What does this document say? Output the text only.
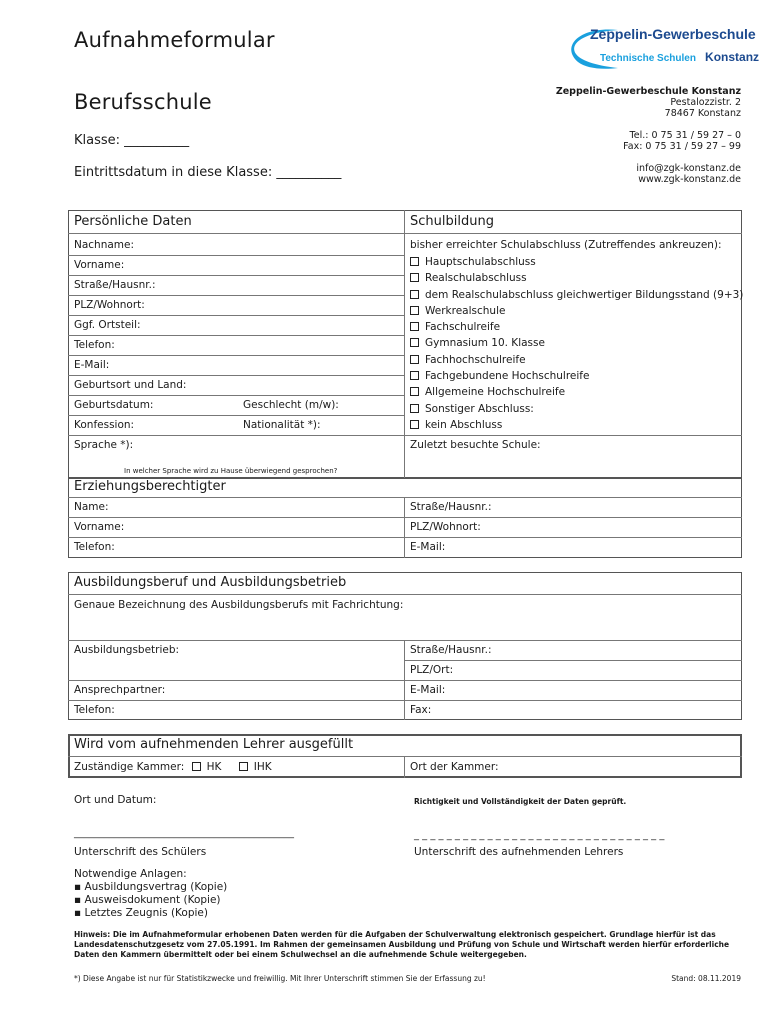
Aufnahmeformular
Berufsschule
Klasse: __________
Eintrittsdatum in diese Klasse: __________
Zeppelin-Gewerbeschule
Technische Schulen Konstanz
Zeppelin-Gewerbeschule Konstanz
Pestalozzistr. 2
78467 Konstanz
Tel.: 0 75 31 / 59 27 – 0
Fax: 0 75 31 / 59 27 – 99
info@zgk-konstanz.de
www.zgk-konstanz.de
Persönliche Daten	Schulbildung
Nachname:
Vorname:
Straße/Hausnr.:
PLZ/Wohnort:
Ggf. Ortsteil:
Telefon:
E-Mail:
Geburtsort und Land:
Geburtsdatum:	Geschlecht (m/w):
Konfession:	Nationalität *):
Sprache *):
In welcher Sprache wird zu Hause überwiegend gesprochen?
bisher erreichter Schulabschluss (Zutreffendes ankreuzen):
Hauptschulabschluss
Realschulabschluss
dem Realschulabschluss gleichwertiger Bildungsstand (9+3)
Werkrealschule
Fachschulreife
Gymnasium 10. Klasse
Fachhochschulreife
Fachgebundene Hochschulreife
Allgemeine Hochschulreife
Sonstiger Abschluss:
kein Abschluss
Zuletzt besuchte Schule:
Erziehungsberechtigter
Name:	Straße/Hausnr.:
Vorname:	PLZ/Wohnort:
Telefon:	E-Mail:
Ausbildungsberuf und Ausbildungsbetrieb
Genaue Bezeichnung des Ausbildungsberufs mit Fachrichtung:
Ausbildungsbetrieb:	Straße/Hausnr.:
PLZ/Ort:
Ansprechpartner:	E-Mail:
Telefon:	Fax:
Wird vom aufnehmenden Lehrer ausgefüllt
Zuständige Kammer: HK	IHK	Ort der Kammer:
Ort und Datum:	Richtigkeit und Vollständigkeit der Daten geprüft.
____________________________________________	_ _ _ _ _ _ _ _ _ _ _ _ _ _ _ _ _ _ _ _ _ _ _ _ _ _ _ _ _ _ _
Unterschrift des Schülers	Unterschrift des aufnehmenden Lehrers
Notwendige Anlagen:
▪ Ausbildungsvertrag (Kopie)
▪ Ausweisdokument (Kopie)
▪ Letztes Zeugnis (Kopie)
Hinweis: Die im Aufnahmeformular erhobenen Daten werden für die Aufgaben der Schulverwaltung elektronisch gespeichert. Grundlage hierfür ist das
Landesdatenschutzgesetz vom 27.05.1991. Im Rahmen der gemeinsamen Ausbildung und Prüfung von Schule und Wirtschaft werden hierfür erforderliche
Daten den Kammern übermittelt oder bei einem Schulwechsel an die aufnehmende Schule weitergegeben.
*) Diese Angabe ist nur für Statistikzwecke und freiwillig. Mit Ihrer Unterschrift stimmen Sie der Erfassung zu!	Stand: 08.11.2019
